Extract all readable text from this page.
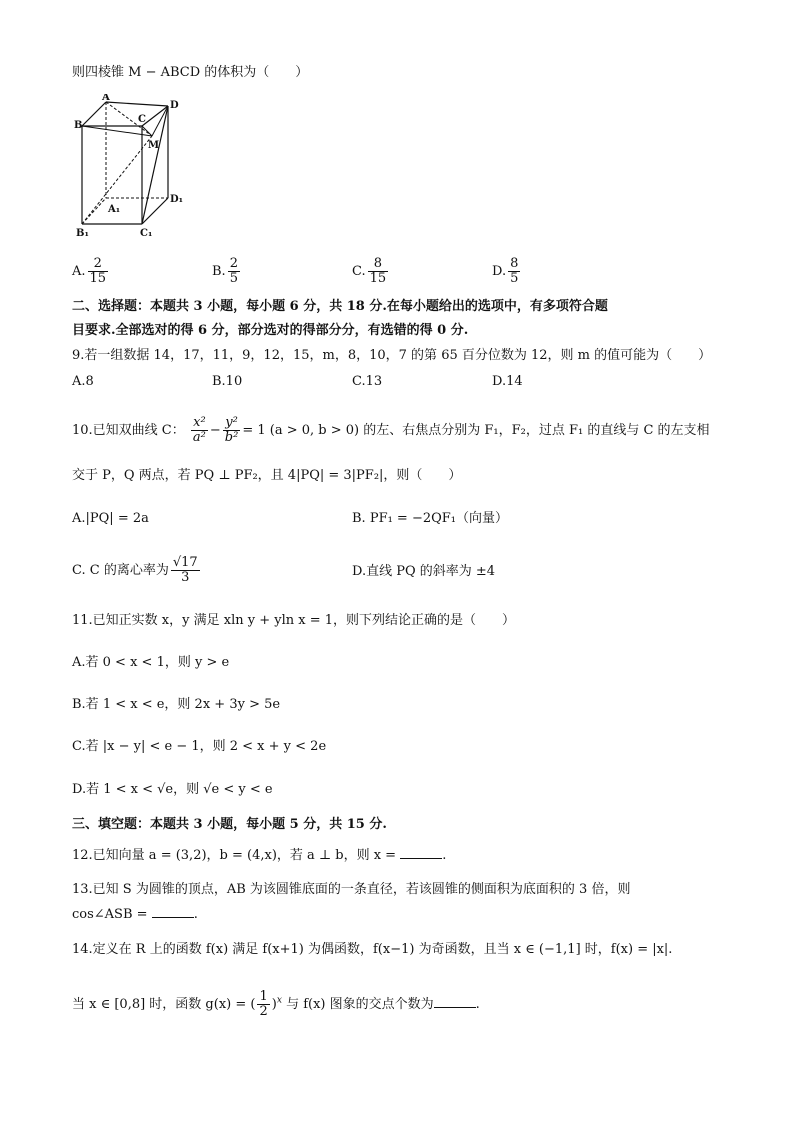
则四棱锥 M − ABCD 的体积为（　　）
A
B
C
D
M
A₁
B₁	C₁
D₁
A. $\frac{2}{15}$	B. $\frac{2}{5}$	C. $\frac{8}{15}$	D. $\frac{8}{5}$
二、选择题：本题共 3 小题，每小题 6 分，共 18 分.在每小题给出的选项中，有多项符合题
目要求.全部选对的得 6 分，部分选对的得部分分，有选错的得 0 分.
9.若一组数据 14，17，11，9，12，15，m，8，10，7 的第 65 百分位数为 12，则 m 的值可能为（　　）
A.8	B.10	C.13	D.14
10.已知双曲线 C： $\frac{\text{x²}}{\text{a²}} - \frac{\text{y²}}{\text{b²}} = 1$ (a > 0, b > 0) 的左、右焦点分别为 F₁，F₂，过点 F₁ 的直线与 C 的左支相
交于 P，Q 两点，若 PQ ⊥ PF₂，且 4|PQ| = 3|PF₂|，则（　　）
A.|PQ| = 2a	B. PF₁ = −2QF₁（向量）
C. C 的离心率为 $\frac{√17}{3}$	D.直线 PQ 的斜率为 ±4
11.已知正实数 x，y 满足 xln y + yln x = 1，则下列结论正确的是（　　）
A.若 0 < x < 1，则 y > e
B.若 1 < x < e，则 2x + 3y > 5e
C.若 |x − y| < e − 1，则 2 < x + y < 2e
D.若 1 < x < √e，则 √e < y < e
三、填空题：本题共 3 小题，每小题 5 分，共 15 分.
12.已知向量 a = (3,2)，b = (4,x)，若 a ⊥ b，则 x =	.
13.已知 S 为圆锥的顶点，AB 为该圆锥底面的一条直径，若该圆锥的侧面积为底面积的 3 倍，则
cos∠ASB =	.
14.定义在 R 上的函数 f(x) 满足 f(x+1) 为偶函数，f(x−1) 为奇函数，且当 x ∈ (−1,1] 时，f(x) = |x|.
当 x ∈ [0,8] 时，函数 g(x) = ( $\frac{1}{2} )^x$ 与 f(x) 图象的交点个数为	.
